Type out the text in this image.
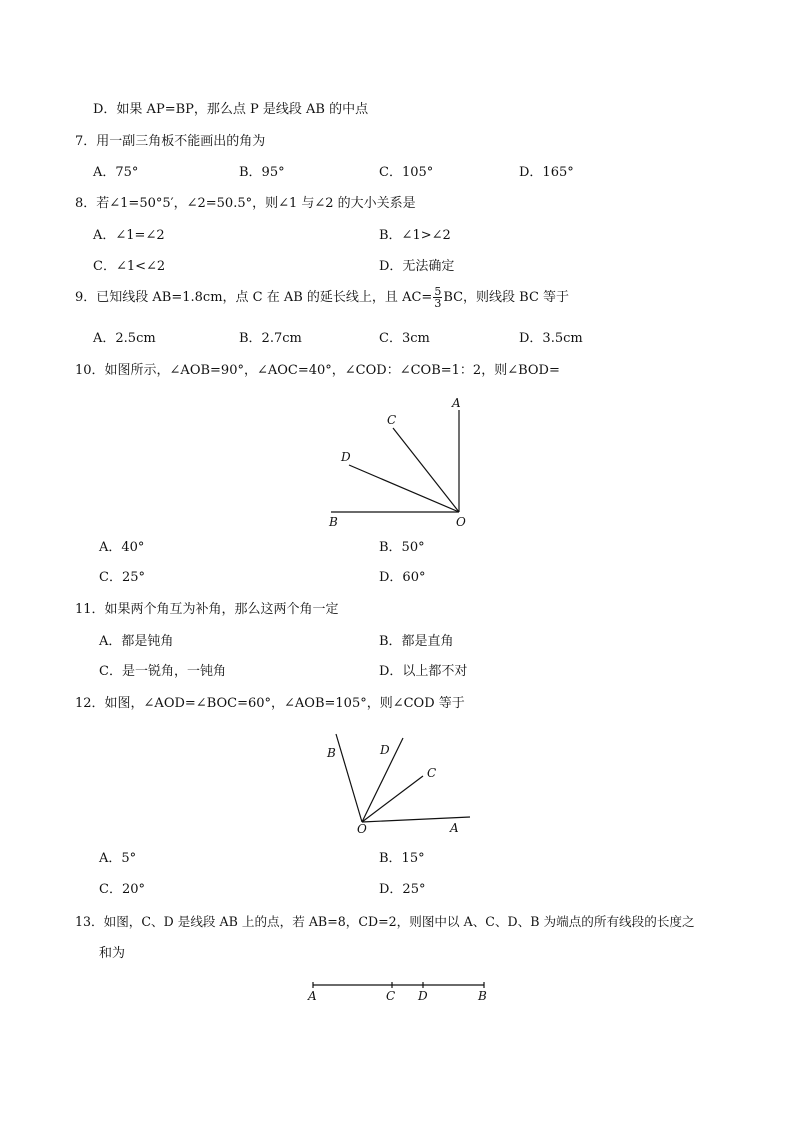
D．如果 AP=BP，那么点 P 是线段 AB 的中点
7．用一副三角板不能画出的角为
A．75°	B．95°	C．105°	D．165°
8．若∠1=50°5′，∠2=50.5°，则∠1 与∠2 的大小关系是
A．∠1=∠2	B．∠1>∠2
C．∠1<∠2	D．无法确定
9．已知线段 AB=1.8cm，点 C 在 AB 的延长线上，且 $AC= \frac{5}{3}$ BC，则线段 BC 等于
A．2.5cm	B．2.7cm	C．3cm	D．3.5cm
10．如图所示，∠AOB=90°，∠AOC=40°，∠COD：∠COB=1：2，则∠BOD=
A
C
D
B	O
A．40°	B．50°
C．25°	D．60°
11．如果两个角互为补角，那么这两个角一定
A．都是钝角	B．都是直角
C．是一锐角，一钝角	D．以上都不对
12．如图，∠AOD=∠BOC=60°，∠AOB=105°，则∠COD 等于
B	D
C
A
O
A．5°	B．15°
C．20°	D．25°
13．如图，C、D 是线段 AB 上的点，若 AB=8，CD=2，则图中以 A、C、D、B 为端点的所有线段的长度之
和为
A	C D	B
